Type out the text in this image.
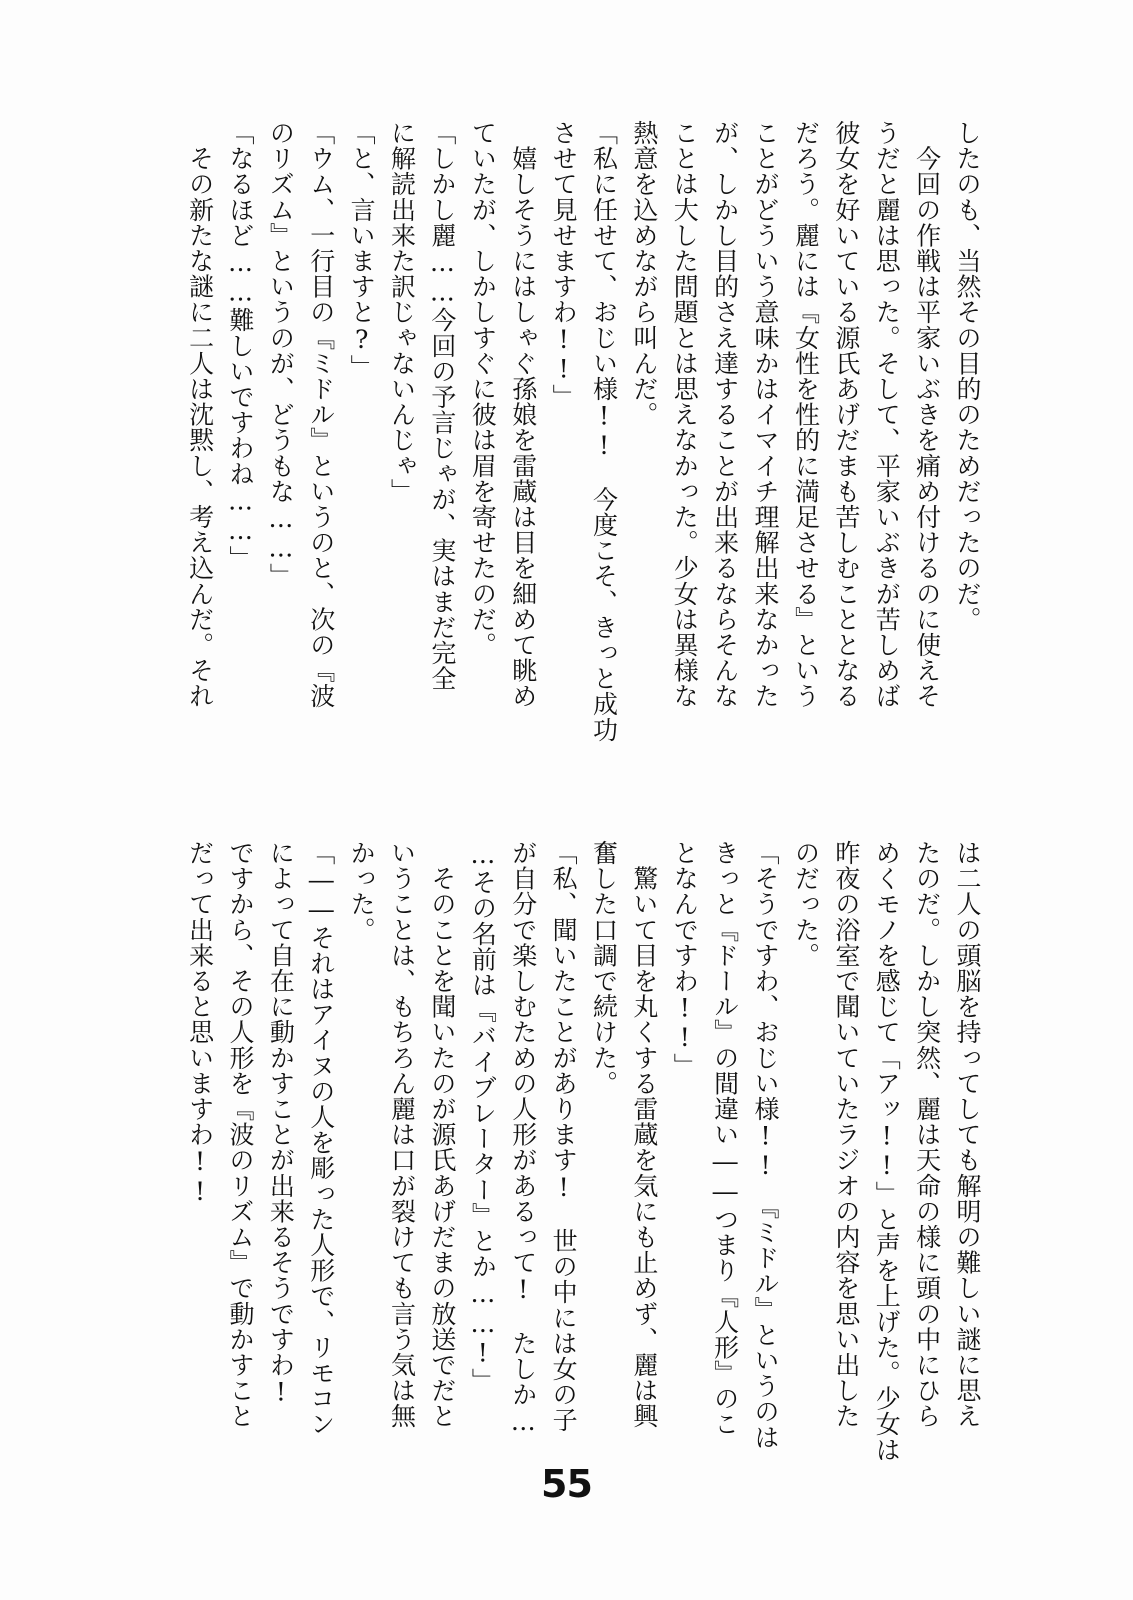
したのも、当然その目的のためだったのだ。
　今回の作戦は平家いぶきを痛め付けるのに使えそ
うだと麗は思った。そして、平家いぶきが苦しめば
彼女を好いている源氏あげだまも苦しむこととなる
だろう。麗には『女性を性的に満足させる』という
ことがどういう意味かはイマイチ理解出来なかった
が、しかし目的さえ達することが出来るならそんな
ことは大した問題とは思えなかった。少女は異様な
熱意を込めながら叫んだ。
「私に任せて、おじい様!!　今度こそ、きっと成功
させて見せますわ!!」
　嬉しそうにはしゃぐ孫娘を雷蔵は目を細めて眺め
ていたが、しかしすぐに彼は眉を寄せたのだ。
「しかし麗……今回の予言じゃが、実はまだ完全
に解読出来た訳じゃないんじゃ」
「と、言いますと?」
「ウム、一行目の『ミドル』というのと、次の『波
のリズム』というのが、どうもな……」
「なるほど……難しいですわね……」
　その新たな謎に二人は沈黙し、考え込んだ。それ
は二人の頭脳を持ってしても解明の難しい謎に思え
たのだ。しかし突然、麗は天命の様に頭の中にひら
めくモノを感じて「アッ!!」と声を上げた。少女は
昨夜の浴室で聞いていたラジオの内容を思い出した
のだった。
「そうですわ、おじい様!!　『ミドル』というのは
きっと『ドール』の間違い――つまり『人形』のこ
となんですわ!!」
　驚いて目を丸くする雷蔵を気にも止めず、麗は興
奮した口調で続けた。
「私、聞いたことがあります!　世の中には女の子
が自分で楽しむための人形があるって!　たしか…
…その名前は『バイブレーター』とか……!」
　そのことを聞いたのが源氏あげだまの放送でだと
いうことは、もちろん麗は口が裂けても言う気は無
かった。
「――それはアイヌの人を彫った人形で、リモコン
によって自在に動かすことが出来るそうですわ!
ですから、その人形を『波のリズム』で動かすこと
だって出来ると思いますわ!!
55
